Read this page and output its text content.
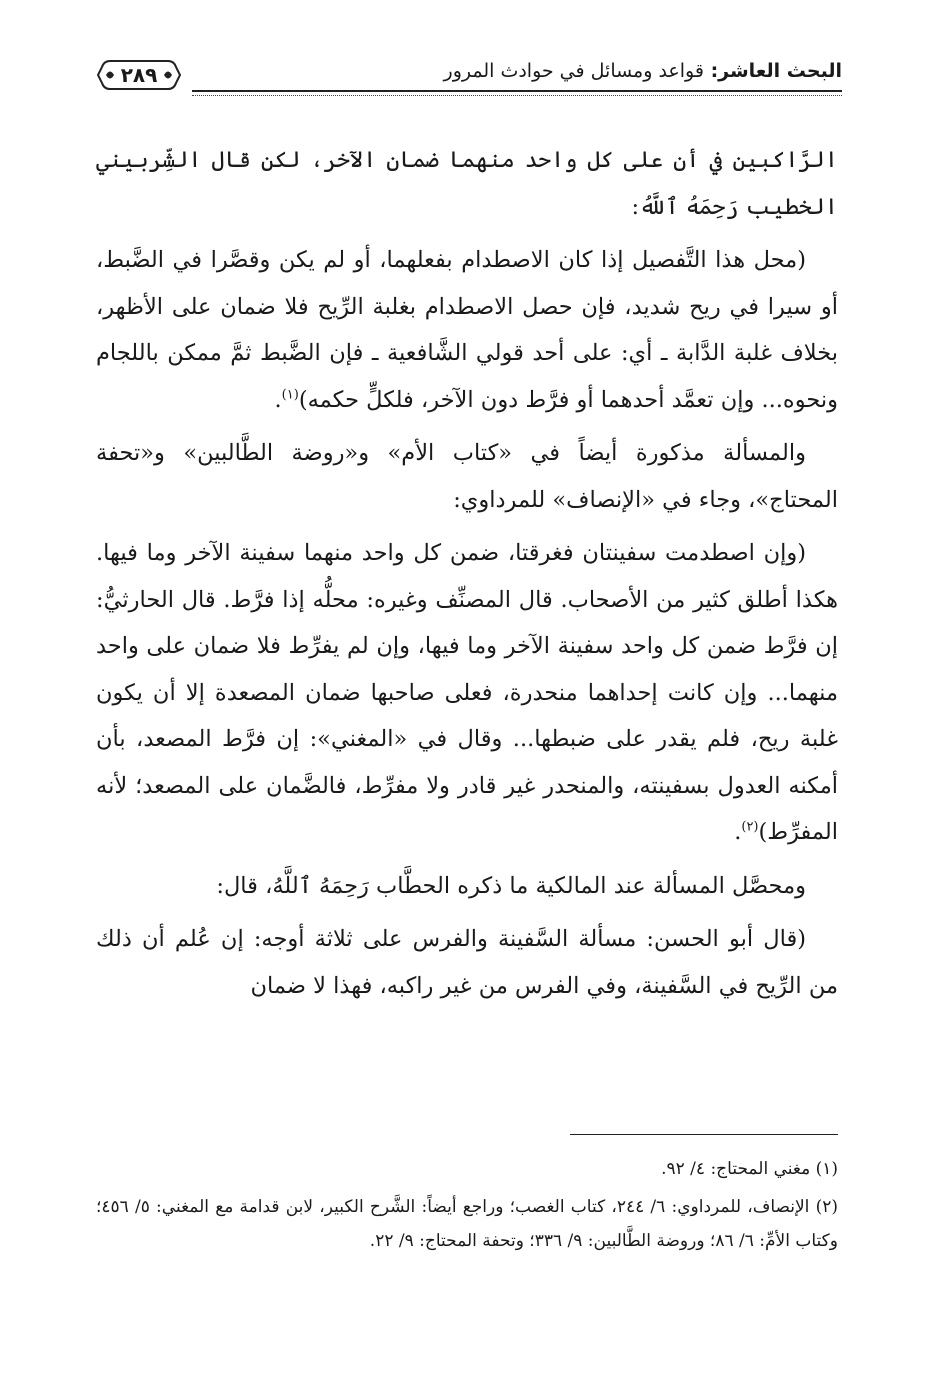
البحث العاشر: قواعد ومسائل في حوادث المرور
٢٨٩

الرَّاكبين في أن على كل واحد منهما ضمان الآخر، لكن قال الشِّربيني الخطيب رَحِمَهُ ٱللَّهُ:

(محل هذا التَّفصيل إذا كان الاصطدام بفعلهما، أو لم يكن وقصَّرا في الضَّبط، أو سيرا في ريح شديد، فإن حصل الاصطدام بغلبة الرِّيح فلا ضمان على الأظهر، بخلاف غلبة الدَّابة ـ أي: على أحد قولي الشَّافعية ـ فإن الضَّبط ثمَّ ممكن باللجام ونحوه... وإن تعمَّد أحدهما أو فرَّط دون الآخر، فلكلٍّ حكمه)$^{(١)}$.

والمسألة مذكورة أيضاً في «كتاب الأم» و«روضة الطَّالبين» و«تحفة المحتاج»، وجاء في «الإنصاف» للمرداوي:

(وإن اصطدمت سفينتان فغرقتا، ضمن كل واحد منهما سفينة الآخر وما فيها. هكذا أطلق كثير من الأصحاب. قال المصنِّف وغيره: محلُّه إذا فرَّط. قال الحارثيُّ: إن فرَّط ضمن كل واحد سفينة الآخر وما فيها، وإن لم يفرِّط فلا ضمان على واحد منهما... وإن كانت إحداهما منحدرة، فعلى صاحبها ضمان المصعدة إلا أن يكون غلبة ريح، فلم يقدر على ضبطها... وقال في «المغني»: إن فرَّط المصعد، بأن أمكنه العدول بسفينته، والمنحدر غير قادر ولا مفرِّط، فالضَّمان على المصعد؛ لأنه المفرِّط)$^{(٢)}$.

ومحصَّل المسألة عند المالكية ما ذكره الحطَّاب رَحِمَهُ ٱللَّهُ، قال:

(قال أبو الحسن: مسألة السَّفينة والفرس على ثلاثة أوجه: إن عُلم أن ذلك من الرِّيح في السَّفينة، وفي الفرس من غير راكبه، فهذا لا ضمان

(١) مغني المحتاج: ٤/ ٩٢.

(٢) الإنصاف، للمرداوي: ٦/ ٢٤٤، كتاب الغصب؛ وراجع أيضاً: الشَّرح الكبير، لابن قدامة مع المغني: ٥/ ٤٥٦؛ وكتاب الأمِّ: ٦/ ٨٦؛ وروضة الطَّالبين: ٩/ ٣٣٦؛ وتحفة المحتاج: ٩/ ٢٢.
